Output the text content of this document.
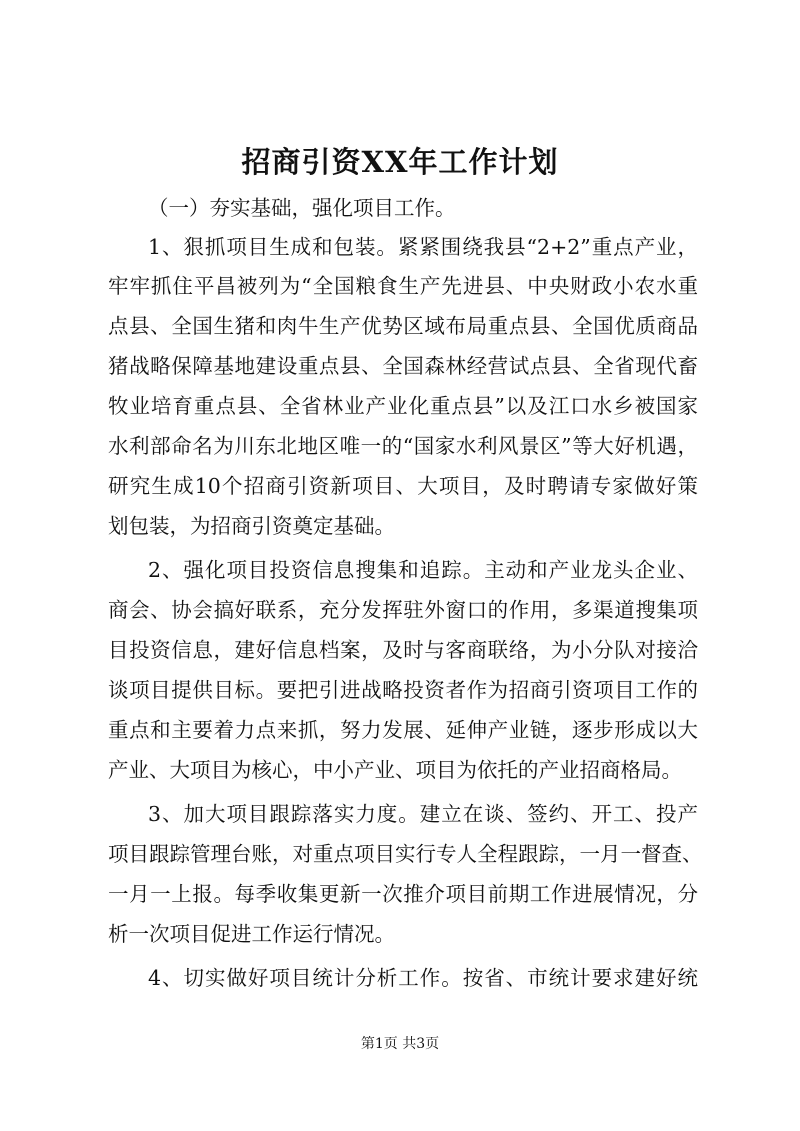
招商引资XX年工作计划
（一）夯实基础，强化项目工作。
1、狠抓项目生成和包装。紧紧围绕我县“2+2”重点产业，
牢牢抓住平昌被列为“全国粮食生产先进县、中央财政小农水重
点县、全国生猪和肉牛生产优势区域布局重点县、全国优质商品
猪战略保障基地建设重点县、全国森林经营试点县、全省现代畜
牧业培育重点县、全省林业产业化重点县”以及江口水乡被国家
水利部命名为川东北地区唯一的“国家水利风景区”等大好机遇，
研究生成10个招商引资新项目、大项目，及时聘请专家做好策
划包装，为招商引资奠定基础。
2、强化项目投资信息搜集和追踪。主动和产业龙头企业、
商会、协会搞好联系，充分发挥驻外窗口的作用，多渠道搜集项
目投资信息，建好信息档案，及时与客商联络，为小分队对接洽
谈项目提供目标。要把引进战略投资者作为招商引资项目工作的
重点和主要着力点来抓，努力发展、延伸产业链，逐步形成以大
产业、大项目为核心，中小产业、项目为依托的产业招商格局。
3、加大项目跟踪落实力度。建立在谈、签约、开工、投产
项目跟踪管理台账，对重点项目实行专人全程跟踪，一月一督查、
一月一上报。每季收集更新一次推介项目前期工作进展情况，分
析一次项目促进工作运行情况。
4、切实做好项目统计分析工作。按省、市统计要求建好统
第1页 共3页
